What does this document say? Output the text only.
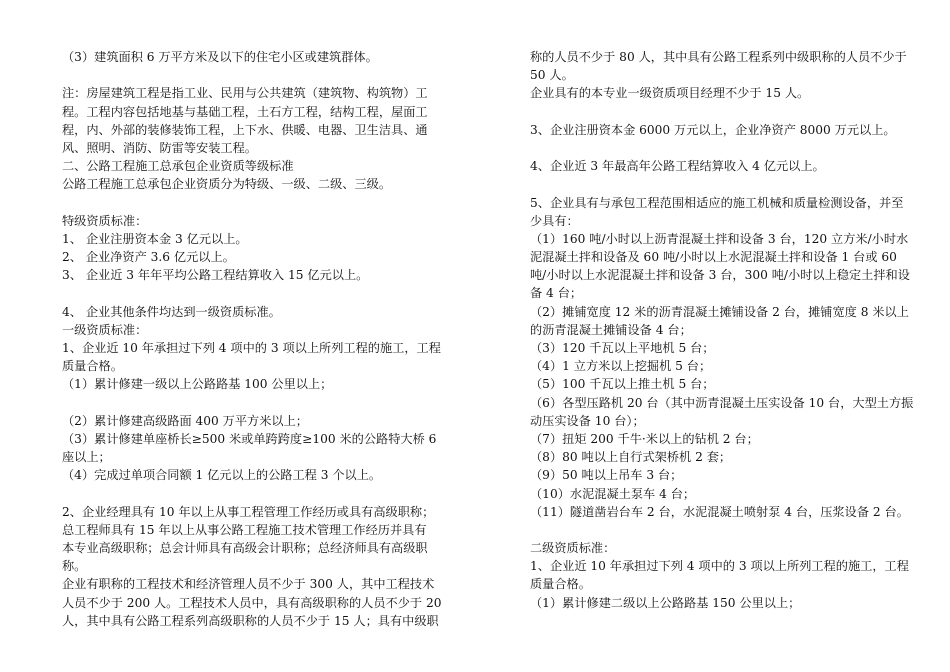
（3）建筑面积 6 万平方米及以下的住宅小区或建筑群体。
注：房屋建筑工程是指工业、民用与公共建筑（建筑物、构筑物）工
程。工程内容包括地基与基础工程，土石方工程，结构工程，屋面工
程，内、外部的装修装饰工程，上下水、供暖、电器、卫生洁具、通
风、照明、消防、防雷等安装工程。
二、公路工程施工总承包企业资质等级标准
公路工程施工总承包企业资质分为特级、一级、二级、三级。
特级资质标准：
1、 企业注册资本金 3 亿元以上。
2、 企业净资产 3.6 亿元以上。
3、 企业近 3 年年平均公路工程结算收入 15 亿元以上。
4、 企业其他条件均达到一级资质标准。
一级资质标准：
1、企业近 10 年承担过下列 4 项中的 3 项以上所列工程的施工，工程
质量合格。
（1）累计修建一级以上公路路基 100 公里以上；
（2）累计修建高级路面 400 万平方米以上；
（3）累计修建单座桥长≥500 米或单跨跨度≥100 米的公路特大桥 6
座以上；
（4）完成过单项合同额 1 亿元以上的公路工程 3 个以上。
2、企业经理具有 10 年以上从事工程管理工作经历或具有高级职称；
总工程师具有 15 年以上从事公路工程施工技术管理工作经历并具有
本专业高级职称；总会计师具有高级会计职称；总经济师具有高级职
称。
企业有职称的工程技术和经济管理人员不少于 300 人，其中工程技术
人员不少于 200 人。工程技术人员中，具有高级职称的人员不少于 20
人，其中具有公路工程系列高级职称的人员不少于 15 人；具有中级职
称的人员不少于 80 人，其中具有公路工程系列中级职称的人员不少于
50 人。
企业具有的本专业一级资质项目经理不少于 15 人。
3、企业注册资本金 6000 万元以上，企业净资产 8000 万元以上。
4、企业近 3 年最高年公路工程结算收入 4 亿元以上。
5、企业具有与承包工程范围相适应的施工机械和质量检测设备，并至
少具有：
（1）160 吨/小时以上沥青混凝土拌和设备 3 台，120 立方米/小时水
泥混凝土拌和设备及 60 吨/小时以上水泥混凝土拌和设备 1 台或 60
吨/小时以上水泥混凝土拌和设备 3 台，300 吨/小时以上稳定土拌和设
备 4 台；
（2）摊铺宽度 12 米的沥青混凝土摊铺设备 2 台，摊铺宽度 8 米以上
的沥青混凝土摊铺设备 4 台；
（3）120 千瓦以上平地机 5 台；
（4）1 立方米以上挖掘机 5 台；
（5）100 千瓦以上推土机 5 台；
（6）各型压路机 20 台（其中沥青混凝土压实设备 10 台，大型土方振
动压实设备 10 台）；
（7）扭矩 200 千牛·米以上的钻机 2 台；
（8）80 吨以上自行式架桥机 2 套；
（9）50 吨以上吊车 3 台；
（10）水泥混凝土泵车 4 台；
（11）隧道凿岩台车 2 台，水泥混凝土喷射泵 4 台，压浆设备 2 台。
二级资质标准：
1、企业近 10 年承担过下列 4 项中的 3 项以上所列工程的施工，工程
质量合格。
（1）累计修建二级以上公路路基 150 公里以上；
